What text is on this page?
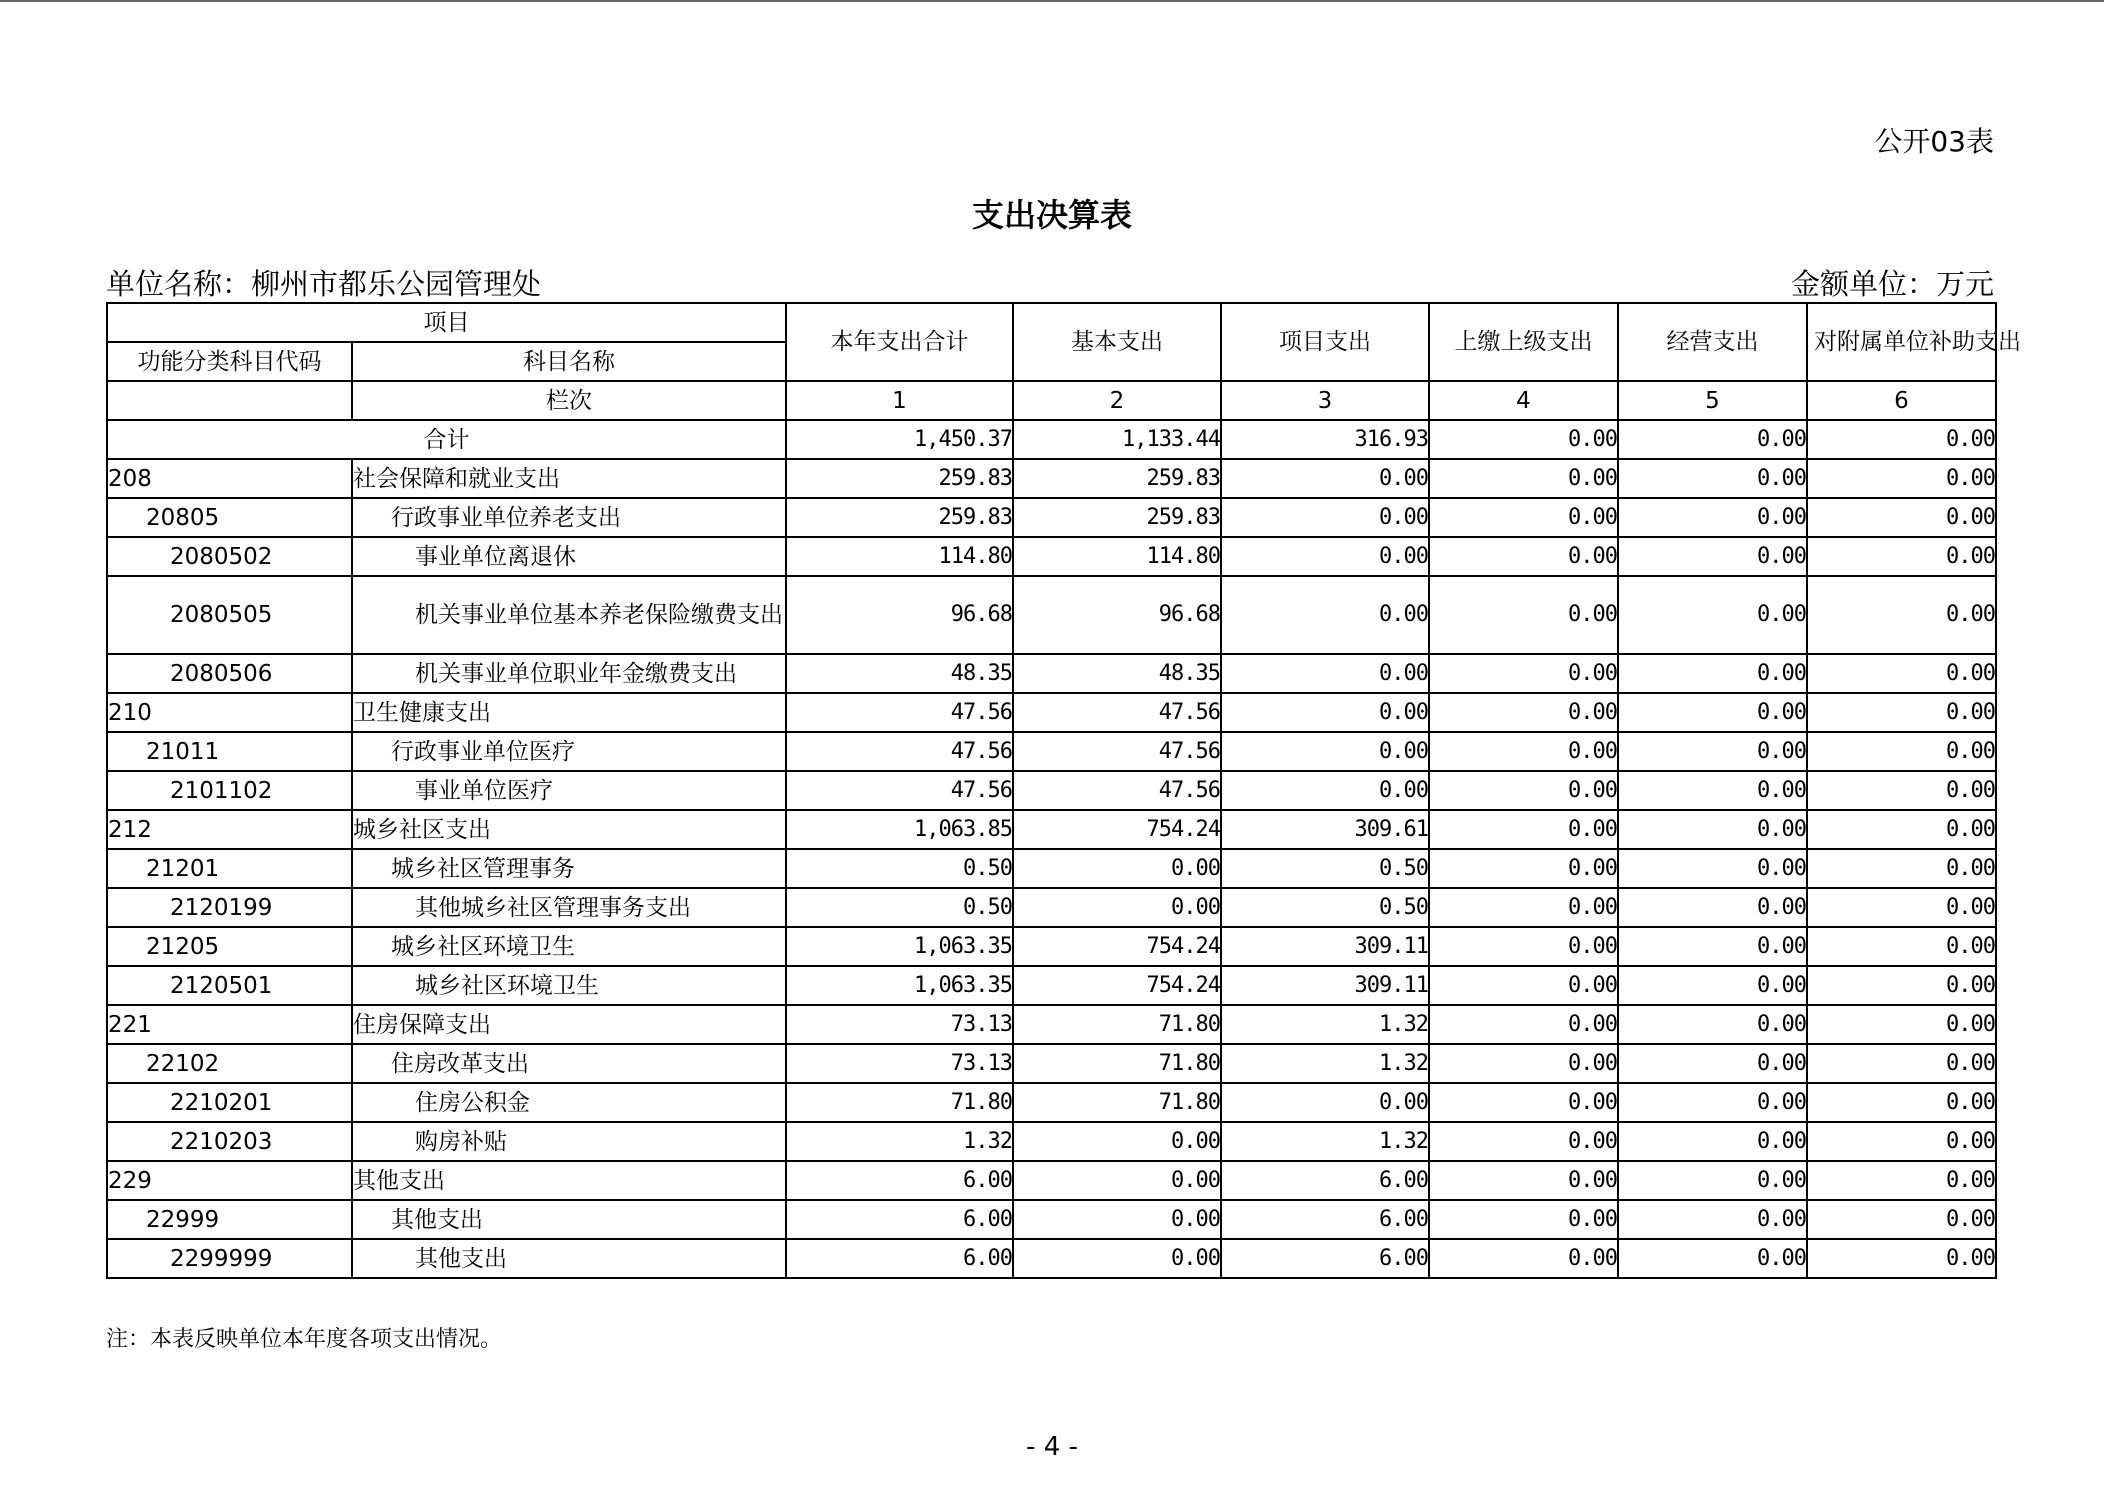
公开03表
支出决算表
单位名称：柳州市都乐公园管理处	金额单位：万元
项目		本年支出合计	基本支出	项目支出	上缴上级支出	经营支出	对附属单位补助支出
功能分类科目代码	科目名称						
	栏次	1	2	3	4	5	6
合计		1,450.37	1,133.44	316.93	0.00	0.00	0.00
208	社会保障和就业支出	259.83	259.83	0.00	0.00	0.00	0.00
20805	行政事业单位养老支出	259.83	259.83	0.00	0.00	0.00	0.00
2080502	事业单位离退休	114.80	114.80	0.00	0.00	0.00	0.00
2080505	机关事业单位基本养老保险缴费支出	96.68	96.68	0.00	0.00	0.00	0.00
2080506	机关事业单位职业年金缴费支出	48.35	48.35	0.00	0.00	0.00	0.00
210	卫生健康支出	47.56	47.56	0.00	0.00	0.00	0.00
21011	行政事业单位医疗	47.56	47.56	0.00	0.00	0.00	0.00
2101102	事业单位医疗	47.56	47.56	0.00	0.00	0.00	0.00
212	城乡社区支出	1,063.85	754.24	309.61	0.00	0.00	0.00
21201	城乡社区管理事务	0.50	0.00	0.50	0.00	0.00	0.00
2120199	其他城乡社区管理事务支出	0.50	0.00	0.50	0.00	0.00	0.00
21205	城乡社区环境卫生	1,063.35	754.24	309.11	0.00	0.00	0.00
2120501	城乡社区环境卫生	1,063.35	754.24	309.11	0.00	0.00	0.00
221	住房保障支出	73.13	71.80	1.32	0.00	0.00	0.00
22102	住房改革支出	73.13	71.80	1.32	0.00	0.00	0.00
2210201	住房公积金	71.80	71.80	0.00	0.00	0.00	0.00
2210203	购房补贴	1.32	0.00	1.32	0.00	0.00	0.00
229	其他支出	6.00	0.00	6.00	0.00	0.00	0.00
22999	其他支出	6.00	0.00	6.00	0.00	0.00	0.00
2299999	其他支出	6.00	0.00	6.00	0.00	0.00	0.00
注：本表反映单位本年度各项支出情况。
- 4 -
